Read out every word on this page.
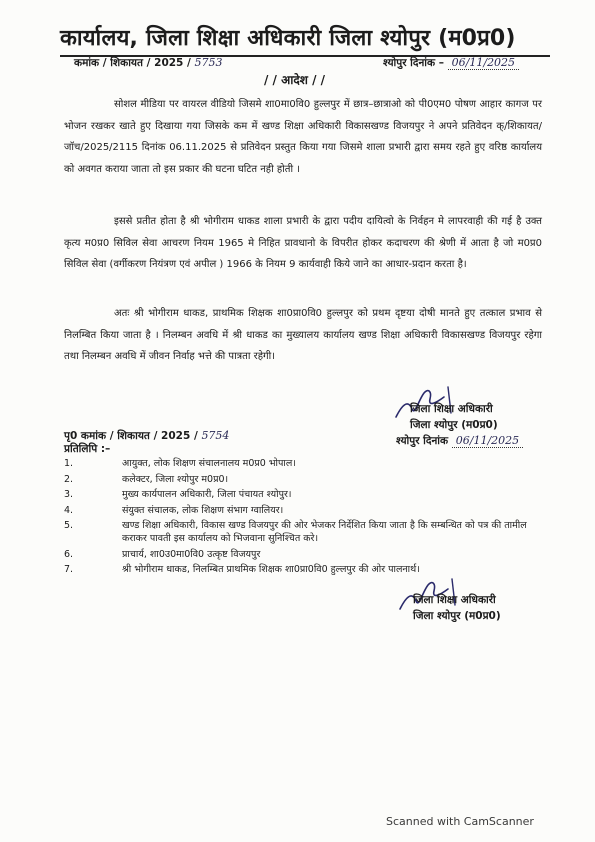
कार्यालय, जिला शिक्षा अधिकारी जिला श्योपुर (म0प्र0)
कमांक / शिकायत / 2025 / 5753	श्योपुर दिनांक – 06/11/2025
/ / आदेश / /

सोशल मीडिया पर वायरल वीडियो जिसमे शा0मा0वि0 हुल्लपुर में छात्र–छात्राओ को पी0एम0 पोषण आहार कागज पर भोजन रखकर खाते हुए दिखाया गया जिसके कम में खण्ड शिक्षा अधिकारी विकासखण्ड विजयपुर ने अपने प्रतिवेदन क्/शिकायत/जॉच/2025/2115 दिनांक 06.11.2025 से प्रतिवेदन प्रस्तुत किया गया जिसमे शाला प्रभारी द्वारा समय रहते हुए वरिष्ठ कार्यालय को अवगत कराया जाता तो इस प्रकार की घटना घटित नही होती ।

इससे प्रतीत होता है श्री भोगीराम धाकड शाला प्रभारी के द्वारा पदीय दायित्वो के निर्वहन मे लापरवाही की गई है उक्त कृत्य म0प्र0 सिविल सेवा आचरण नियम 1965 मे निहित प्रावधानो के विपरीत होकर कदाचरण की श्रेणी में आता है जो म0प्र0 सिविल सेवा (वर्गीकरण नियंत्रण एवं अपील ) 1966 के नियम 9 कार्यवाही किये जाने का आधार-प्रदान करता है।

अतः श्री भोगीराम धाकड, प्राथमिक शिक्षक शा0प्रा0वि0 हुल्लपुर को प्रथम दृष्टया दोषी मानते हुए तत्काल प्रभाव से निलम्बित किया जाता है । निलम्बन अवधि में श्री धाकड का मुख्यालय कार्यालय खण्ड शिक्षा अधिकारी विकासखण्ड विजयपुर रहेगा तथा निलम्बन अवधि में जीवन निर्वाह भत्ते की पात्रता रहेगी।

जिला शिक्षा अधिकारी
जिला श्योपुर (म0प्र0)
श्योपुर दिनांक 06/11/2025
पृ0 कमांक / शिकायत / 2025 / 5754
प्रतिलिपि :–
1.	आयुक्त, लोक शिक्षण संचालनालय म0प्र0 भोपाल।
2.	कलेक्टर, जिला श्योपुर म0प्र0।
3.	मुख्य कार्यपालन अधिकारी, जिला पंचायत श्योपुर।
4.	संयुक्त संचालक, लोक शिक्षण संभाग ग्वालियर।
5.	खण्ड शिक्षा अधिकारी, विकास खण्ड विजयपुर की ओर भेजकर निर्देशित किया जाता है कि सम्बन्धित को पत्र की तामील कराकर पावती इस कार्यालय को भिजवाना सुनिश्चित करे।
6.	प्राचार्य, शा0उ0मा0वि0 उत्कृष्ट विजयपुर
7.	श्री भोगीराम धाकड, निलम्बित प्राथमिक शिक्षक शा0प्रा0वि0 हुल्लपुर की ओर पालनार्थ।
जिला शिक्षा अधिकारी
जिला श्योपुर (म0प्र0)
Scanned with CamScanner
